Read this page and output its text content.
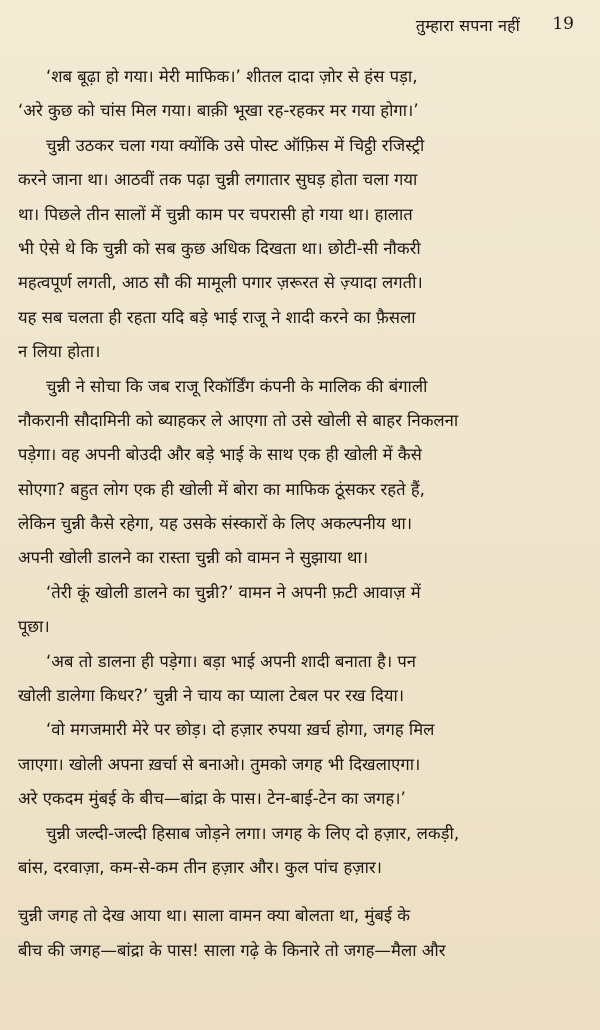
तुम्हारा सपना नहीं 19
‘शब बूढ़ा हो गया। मेरी माफिक।’ शीतल दादा ज़ोर से हंस पड़ा,
‘अरे कुछ को चांस मिल गया। बाक़ी भूखा रह-रहकर मर गया होगा।’
चुन्नी उठकर चला गया क्योंकि उसे पोस्ट ऑफ़िस में चिट्ठी रजिस्ट्री
करने जाना था। आठवीं तक पढ़ा चुन्नी लगातार सुघड़ होता चला गया
था। पिछले तीन सालों में चुन्नी काम पर चपरासी हो गया था। हालात
भी ऐसे थे कि चुन्नी को सब कुछ अधिक दिखता था। छोटी-सी नौकरी
महत्वपूर्ण लगती, आठ सौ की मामूली पगार ज़रूरत से ज़्यादा लगती।
यह सब चलता ही रहता यदि बड़े भाई राजू ने शादी करने का फ़ैसला
न लिया होता।
चुन्नी ने सोचा कि जब राजू रिकॉर्डिंग कंपनी के मालिक की बंगाली
नौकरानी सौदामिनी को ब्याहकर ले आएगा तो उसे खोली से बाहर निकलना
पड़ेगा। वह अपनी बोउदी और बड़े भाई के साथ एक ही खोली में कैसे
सोएगा? बहुत लोग एक ही खोली में बोरा का माफिक ठूंसकर रहते हैं,
लेकिन चुन्नी कैसे रहेगा, यह उसके संस्कारों के लिए अकल्पनीय था।
अपनी खोली डालने का रास्ता चुन्नी को वामन ने सुझाया था।
‘तेरी कूं खोली डालने का चुन्नी?’ वामन ने अपनी फ़टी आवाज़ में
पूछा।
‘अब तो डालना ही पड़ेगा। बड़ा भाई अपनी शादी बनाता है। पन
खोली डालेगा किधर?’ चुन्नी ने चाय का प्याला टेबल पर रख दिया।
‘वो मगजमारी मेरे पर छोड़। दो हज़ार रुपया ख़र्च होगा, जगह मिल
जाएगा। खोली अपना ख़र्चा से बनाओ। तुमको जगह भी दिखलाएगा।
अरे एकदम मुंबई के बीच—बांद्रा के पास। टेन-बाई-टेन का जगह।’
चुन्नी जल्दी-जल्दी हिसाब जोड़ने लगा। जगह के लिए दो हज़ार, लकड़ी,
बांस, दरवाज़ा, कम-से-कम तीन हज़ार और। कुल पांच हज़ार।
चुन्नी जगह तो देख आया था। साला वामन क्या बोलता था, मुंबई के
बीच की जगह—बांद्रा के पास! साला गढ़े के किनारे तो जगह—मैला और
